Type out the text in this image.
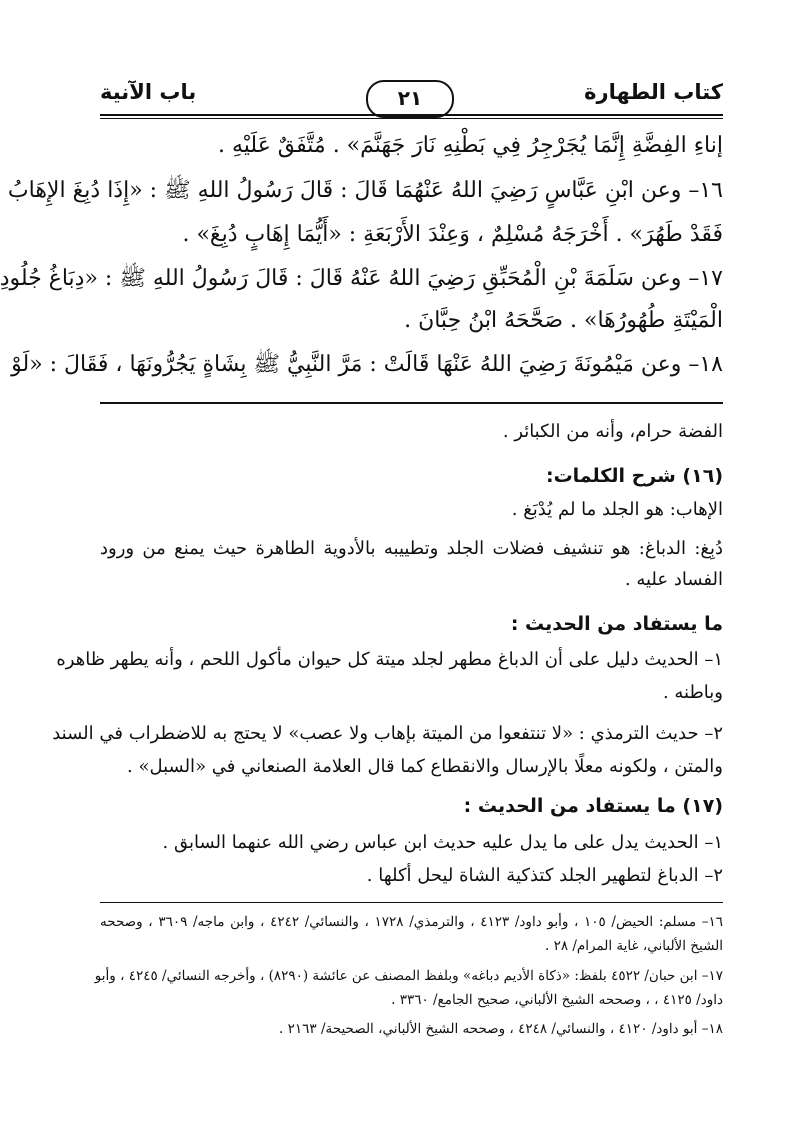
كتاب الطهارة
٢١
باب الآنية
إناءِ الفِضَّةِ إِنَّمَا يُجَرْجِرُ فِي بَطْنِهِ نَارَ جَهَنَّمَ» . مُتَّفَقٌ عَلَيْهِ .
١٦– وعن ابْنِ عَبَّاسٍ رَضِيَ اللهُ عَنْهُمَا قَالَ : قَالَ رَسُولُ اللهِ ﷺ : «إِذَا دُبِغَ الإِهَابُ
فَقَدْ طَهُرَ» . أَخْرَجَهُ مُسْلِمٌ ، وَعِنْدَ الأَرْبَعَةِ : «أَيُّمَا إِهَابٍ دُبِغَ» .
١٧– وعن سَلَمَةَ بْنِ الْمُحَبِّقِ رَضِيَ اللهُ عَنْهُ قَالَ : قَالَ رَسُولُ اللهِ ﷺ : «دِبَاغُ جُلُودِ
الْمَيْتَةِ طُهُورُهَا» . صَحَّحَهُ ابْنُ حِبَّانَ .
١٨– وعن مَيْمُونَةَ رَضِيَ اللهُ عَنْهَا قَالَتْ : مَرَّ النَّبِيُّ ﷺ بِشَاةٍ يَجُرُّونَهَا ، فَقَالَ : «لَوْ
الفضة حرام، وأنه من الكبائر .
(١٦) شرح الكلمات:
الإهاب: هو الجلد ما لم يُدْبَغ .
دُبِغ: الدباغ: هو تنشيف فضلات الجلد وتطييبه بالأدوية الطاهرة حيث يمنع من ورود
الفساد عليه .
ما يستفاد من الحديث :
١– الحديث دليل على أن الدباغ مطهر لجلد ميتة كل حيوان مأكول اللحم ، وأنه يطهر ظاهره
وباطنه .
٢– حديث الترمذي : «لا تنتفعوا من الميتة بإهاب ولا عصب» لا يحتج به للاضطراب في السند
والمتن ، ولكونه معلًا بالإرسال والانقطاع كما قال العلامة الصنعاني في «السبل» .
(١٧) ما يستفاد من الحديث :
١– الحديث يدل على ما يدل عليه حديث ابن عباس رضي الله عنهما السابق .
٢– الدباغ لتطهير الجلد كتذكية الشاة ليحل أكلها .
١٦– مسلم: الحيض/ ١٠٥ ، وأبو داود/ ٤١٢٣ ، والترمذي/ ١٧٢٨ ، والنسائي/ ٤٢٤٢ ، وابن ماجه/ ٣٦٠٩ ، وصححه
الشيخ الألباني، غاية المرام/ ٢٨ .
١٧– ابن حبان/ ٤٥٢٢ بلفظ: «ذكاة الأديم دباغه» وبلفظ المصنف عن عائشة (٨٢٩٠) ، وأخرجه النسائي/ ٤٢٤٥ ، وأبو
داود/ ٤١٢٥ ، ، وصححه الشيخ الألباني، صحيح الجامع/ ٣٣٦٠ .
١٨– أبو داود/ ٤١٢٠ ، والنسائي/ ٤٢٤٨ ، وصححه الشيخ الألباني، الصحيحة/ ٢١٦٣ .
